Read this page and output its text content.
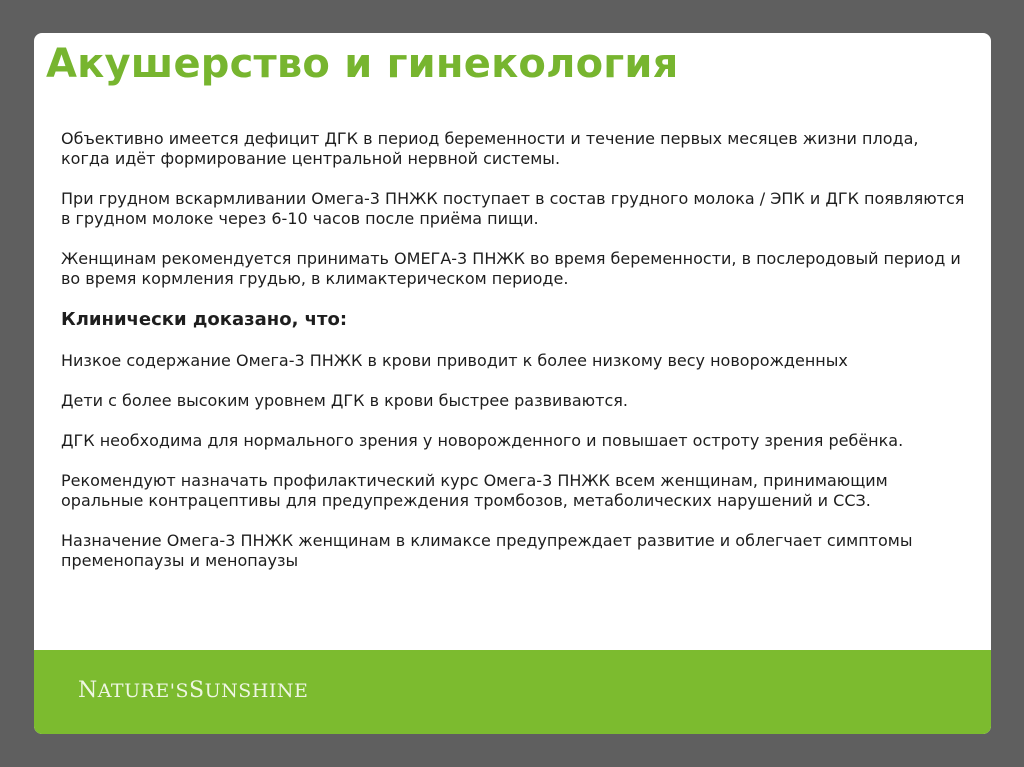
Акушерство и гинекология

Объективно имеется дефицит ДГК в период беременности и течение первых месяцев жизни плода, когда идёт формирование центральной нервной системы.

При грудном вскармливании Омега-3 ПНЖК поступает в состав грудного молока / ЭПК и ДГК появляются в грудном молоке через 6-10 часов после приёма пищи.

Женщинам рекомендуется принимать ОМЕГА-3 ПНЖК во время беременности, в послеродовый период и во время кормления грудью, в климактерическом периоде.

Клинически доказано, что:

Низкое содержание Омега-3 ПНЖК в крови приводит к более низкому весу новорожденных

Дети с более высоким уровнем ДГК в крови быстрее развиваются.

ДГК необходима для нормального зрения у новорожденного и повышает остроту зрения ребёнка.

Рекомендуют назначать профилактический курс Омега-3 ПНЖК всем женщинам, принимающим оральные контрацептивы для предупреждения тромбозов, метаболических нарушений и ССЗ.

Назначение Омега-3 ПНЖК женщинам в климаксе предупреждает развитие и облегчает симптомы пременопаузы и менопаузы

NATURE'SSUNSHINE
